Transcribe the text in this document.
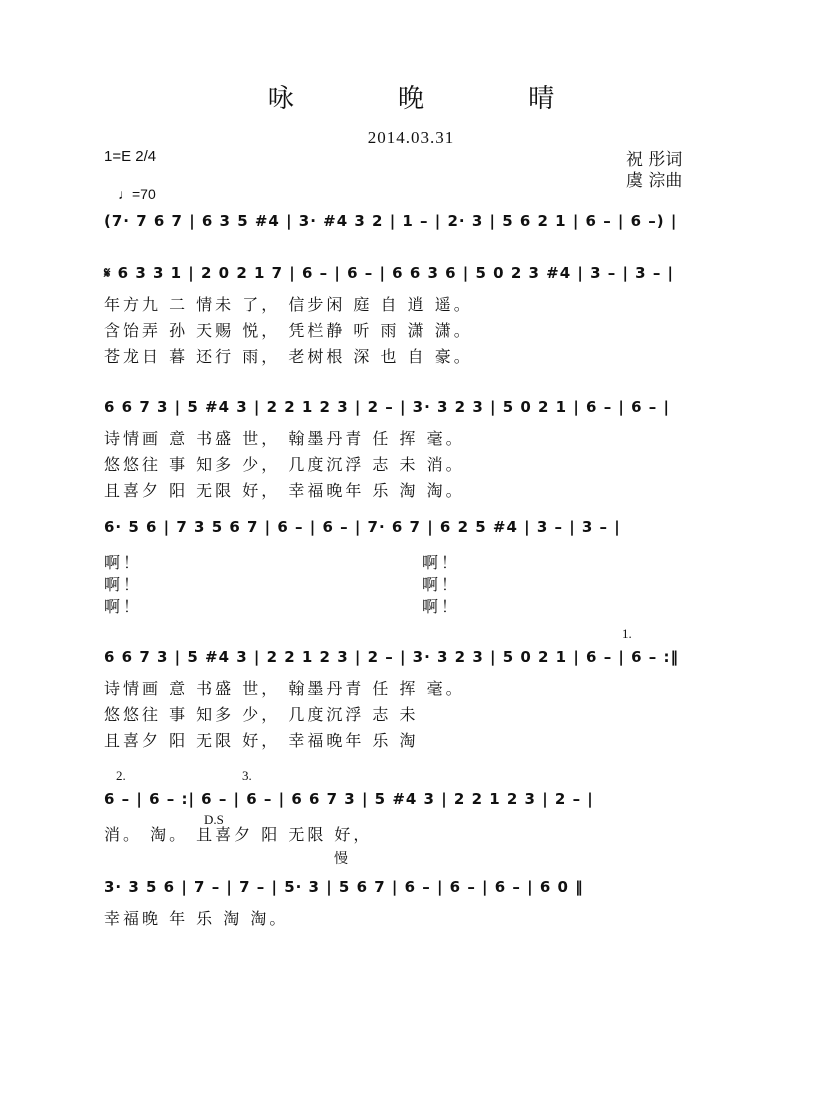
咏 晚 晴
2014.03.31
1=E 2/4
♩=70
祝 彤词
虞 淙曲
(7· 7 6 7 | 6 3 5 #4 | 3· #4 3 2 | 1 – | 2· 3 | 5 6 2 1 | 6 – | 6 –) |
𝄋 6 3 3 1 | 2 0 2 1 7 | 6 – | 6 – | 6 6 3 6 | 5 0 2 3 #4 | 3 – | 3 – |
年方九 二 情未 了， 信步闲 庭 自 逍 遥。
含饴弄 孙 天赐 悦， 凭栏静 听 雨 潇 潇。
苍龙日 暮 还行 雨， 老树根 深 也 自 豪。
6 6 7 3 | 5 #4 3 | 2 2 1 2 3 | 2 – | 3· 3 2 3 | 5 0 2 1 | 6 – | 6 – |
诗情画 意 书盛 世， 翰墨丹青 任 挥 毫。
悠悠往 事 知多 少， 几度沉浮 志 未 消。
且喜夕 阳 无限 好， 幸福晚年 乐 淘 淘。
6· 5 6 | 7 3 5 6 7 | 6 – | 6 – | 7· 6 7 | 6 2 5 #4 | 3 – | 3 – |
啊！	啊！
啊！	啊！
啊！	啊！
1.
6 6 7 3 | 5 #4 3 | 2 2 1 2 3 | 2 – | 3· 3 2 3 | 5 0 2 1 | 6 – | 6 – :‖
诗情画 意 书盛 世， 翰墨丹青 任 挥 毫。
悠悠往 事 知多 少， 几度沉浮 志 未
且喜夕 阳 无限 好， 幸福晚年 乐 淘
2.	3.
6 – | 6 – :| 6 – | 6 – | 6 6 7 3 | 5 #4 3 | 2 2 1 2 3 | 2 – |
D.S
消。 淘。 且喜夕 阳 无限 好，
慢
3· 3 5 6 | 7 – | 7 – | 5· 3 | 5 6 7 | 6 – | 6 – | 6 – | 6 0 ‖
幸福晚 年 乐 淘 淘。
